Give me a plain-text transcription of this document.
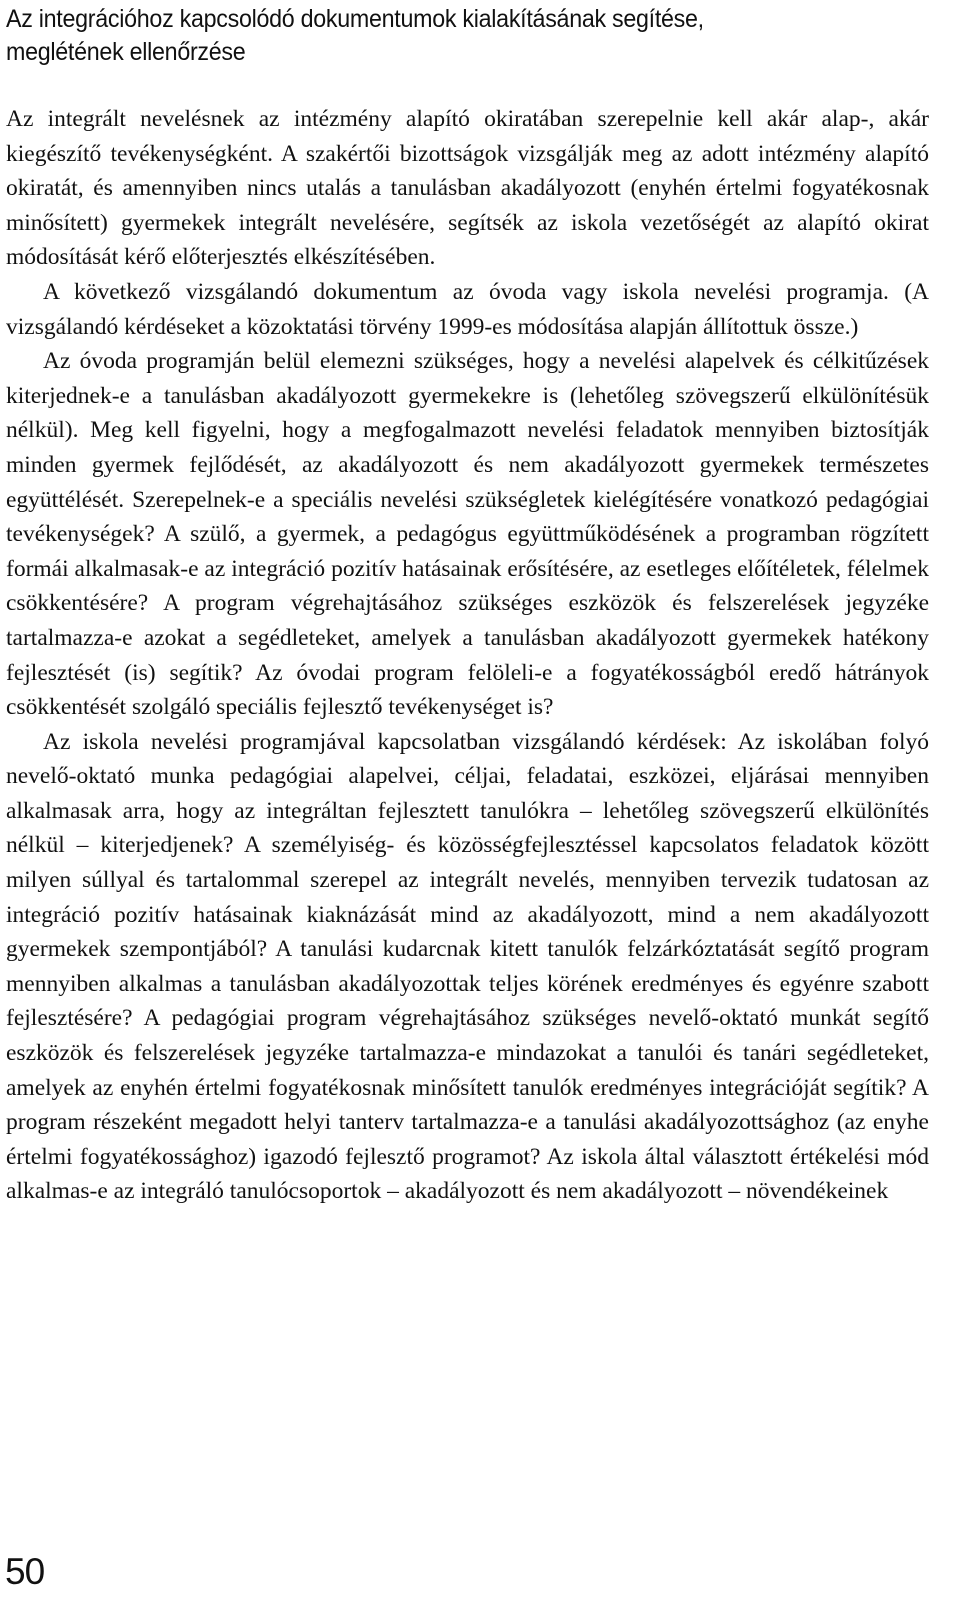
Az integrációhoz kapcsolódó dokumentumok kialakításának segítése,
meglétének ellenőrzése

Az integrált nevelésnek az intézmény alapító okiratában szerepelnie kell akár alap-, akár kiegészítő tevékenységként. A szakértői bizottságok vizsgálják meg az adott intézmény alapító okiratát, és amennyiben nincs utalás a tanulásban akadályozott (enyhén értelmi fogyatékosnak minősített) gyermekek integrált nevelésére, segítsék az iskola vezetőségét az alapító okirat módosítását kérő előterjesztés elkészítésében.

A következő vizsgálandó dokumentum az óvoda vagy iskola nevelési programja. (A vizsgálandó kérdéseket a közoktatási törvény 1999-es módosítása alapján állítottuk össze.)

Az óvoda programján belül elemezni szükséges, hogy a nevelési alapelvek és célkitűzések kiterjednek-e a tanulásban akadályozott gyermekekre is (lehetőleg szövegszerű elkülönítésük nélkül). Meg kell figyelni, hogy a megfogalmazott nevelési feladatok mennyiben biztosítják minden gyermek fejlődését, az akadályozott és nem akadályozott gyermekek természetes együttélését. Szerepelnek-e a speciális nevelési szükségletek kielégítésére vonatkozó pedagógiai tevékenységek? A szülő, a gyermek, a pedagógus együttműködésének a programban rögzített formái alkalmasak-e az integráció pozitív hatásainak erősítésére, az esetleges előítéletek, félelmek csökkentésére? A program végrehajtásához szükséges eszközök és felszerelések jegyzéke tartalmazza-e azokat a segédleteket, amelyek a tanulásban akadályozott gyermekek hatékony fejlesztését (is) segítik? Az óvodai program felöleli-e a fogyatékosságból eredő hátrányok csökkentését szolgáló speciális fejlesztő tevékenységet is?

Az iskola nevelési programjával kapcsolatban vizsgálandó kérdések: Az iskolában folyó nevelő-oktató munka pedagógiai alapelvei, céljai, feladatai, eszközei, eljárásai mennyiben alkalmasak arra, hogy az integráltan fejlesztett tanulókra – lehetőleg szövegszerű elkülönítés nélkül – kiterjedjenek? A személyiség- és közösségfejlesztéssel kapcsolatos feladatok között milyen súllyal és tartalommal szerepel az integrált nevelés, mennyiben tervezik tudatosan az integráció pozitív hatásainak kiaknázását mind az akadályozott, mind a nem akadályozott gyermekek szempontjából? A tanulási kudarcnak kitett tanulók felzárkóztatását segítő program mennyiben alkalmas a tanulásban akadályozottak teljes körének eredményes és egyénre szabott fejlesztésére? A pedagógiai program végrehajtásához szükséges nevelő-oktató munkát segítő eszközök és felszerelések jegyzéke tartalmazza-e mindazokat a tanulói és tanári segédleteket, amelyek az enyhén értelmi fogyatékosnak minősített tanulók eredményes integrációját segítik? A program részeként megadott helyi tanterv tartalmazza-e a tanulási akadályozottsághoz (az enyhe értelmi fogyatékossághoz) igazodó fejlesztő programot? Az iskola által választott értékelési mód alkalmas-e az integráló tanulócsoportok – akadályozott és nem akadályozott – növendékeinek

50
